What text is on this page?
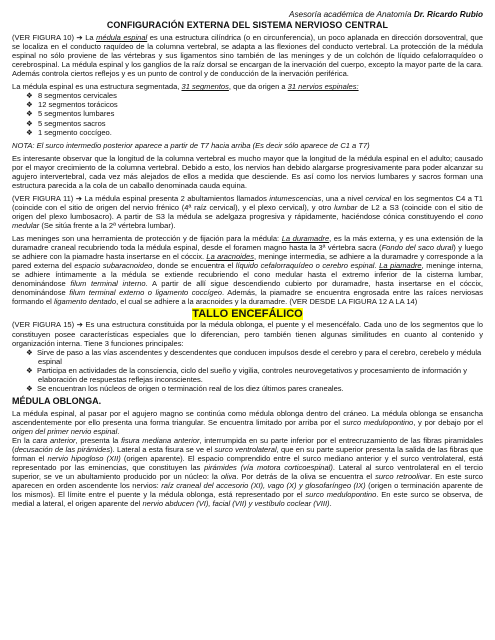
Asesoría académica de Anatomía Dr. Ricardo Rubio
CONFIGURACIÓN EXTERNA DEL SISTEMA NERVIOSO CENTRAL

(VER FIGURA 10) ➔ La médula espinal es una estructura cilíndrica (o en circunferencia), un poco aplanada en dirección dorsoventral, que se localiza en el conducto raquídeo de la columna vertebral, se adapta a las flexiones del conducto vertebral. La protección de la médula espinal no sólo proviene de las vértebras y sus ligamentos sino también de las meninges y de un colchón de líquido cefalorraquídeo o cerebrospinal. La médula espinal y los ganglios de la raíz dorsal se encargan de la inervación del cuerpo, excepto la mayor parte de la cara. Además controla ciertos reflejos y es un punto de control y de conducción de la inervación periférica.

La médula espinal es una estructura segmentada, 31 segmentos, que da origen a 31 nervios espinales:

❖ 8 segmentos cervicales
❖ 12 segmentos torácicos
❖ 5 segmentos lumbares
❖ 5 segmentos sacros
❖ 1 segmento coccígeo.

NOTA: El surco intermedio posterior aparece a partir de T7 hacia arriba (Es decir sólo aparece de C1 a T7)

Es interesante observar que la longitud de la columna vertebral es mucho mayor que la longitud de la médula espinal en el adulto; causado por el mayor crecimiento de la columna vertebral. Debido a esto, los nervios han debido alargarse progresivamente para poder alcanzar su agujero intervertebral, cada vez más alejados de ellos a medida que desciende. Es así como los nervios lumbares y sacros forman una estructura parecida a la cola de un caballo denominada cauda equina.

(VER FIGURA 11) ➔ La médula espinal presenta 2 abultamientos llamados intumescencias, una a nivel cervical en los segmentos C4 a T1 (coincide con el sitio de origen del nervio frénico (4ª raíz cervical), y el plexo cervical), y otro lumbar de L2 a S3 (coincide con el sitio de origen del plexo lumbosacro). A partir de S3 la médula se adelgaza progresiva y rápidamente, haciéndose cónica constituyendo el cono medular (Se sitúa frente a la 2ª vértebra lumbar).

Las meninges son una herramienta de protección y de fijación para la médula: La duramadre, es la más externa, y es una extensión de la duramadre craneal recubriendo toda la médula espinal, desde el foramen magno hasta la 3ª vértebra sacra (Fondo del saco dural) y luego se adhiere con la piamadre hasta insertarse en el cóccix. La aracnoides, meninge intermedia, se adhiere a la duramadre y corresponde a la pared externa del espacio subaracnoideo, donde se encuentra el líquido cefalorraquídeo o cerebro espinal. La piamadre, meninge interna, se adhiere íntimamente a la médula se extiende recubriendo el cono medular hasta el extremo inferior de la cisterna lumbar, denominándose filum terminal interno. A partir de allí sigue descendiendo cubierto por duramadre, hasta insertarse en el cóccix, denominándose filum terminal externo o ligamento coccígeo. Además, la piamadre se encuentra engrosada entre las raíces nerviosas formando el ligamento dentado, el cual se adhiere a la aracnoides y la duramadre. (VER DESDE LA FIGURA 12 A LA 14)

TALLO ENCEFÁLICO

(VER FIGURA 15) ➔ Es una estructura constituida por la médula oblonga, el puente y el mesencéfalo. Cada uno de los segmentos que lo constituyen posee características especiales que lo diferencian, pero también tienen algunas similitudes en cuanto al contenido y organización interna. Tiene 3 funciones principales:

❖ Sirve de paso a las vías ascendentes y descendentes que conducen impulsos desde el cerebro y para el cerebro, cerebelo y médula espinal
❖ Participa en actividades de la consciencia, ciclo del sueño y vigilia, controles neurovegetativos y procesamiento de información y elaboración de respuestas reflejas inconscientes.
❖ Se encuentran los núcleos de origen o terminación real de los diez últimos pares craneales.
MÉDULA OBLONGA.

La médula espinal, al pasar por el agujero magno se continúa como médula oblonga dentro del cráneo. La médula oblonga se ensancha ascendentemente por ello presenta una forma triangular. Se encuentra limitado por arriba por el surco medulopontino, y por debajo por el origen del primer nervio espinal.

En la cara anterior, presenta la fisura mediana anterior, interrumpida en su parte inferior por el entrecruzamiento de las fibras piramidales (decusación de las pirámides). Lateral a esta fisura se ve el surco ventrolateral, que en su parte superior presenta la salida de las fibras que forman el nervio hipogloso (XII) (origen aparente). El espacio comprendido entre el surco mediano anterior y el surco ventrolateral, está representado por las eminencias, que constituyen las pirámides (vía motora corticoespinal). Lateral al surco ventrolateral en el tercio superior, se ve un abultamiento producido por un núcleo: la oliva. Por detrás de la oliva se encuentra el surco retroolivar. En este surco aparecen en orden ascendente los nervios: raíz craneal del accesorio (XI), vago (X) y glosofaríngeo (IX) (origen o terminación aparente de los mismos). El límite entre el puente y la médula oblonga, está representado por el surco medulopontino. En este surco se observa, de medial a lateral, el origen aparente del nervio abducen (VI), facial (VII) y vestíbulo coclear (VIII).
